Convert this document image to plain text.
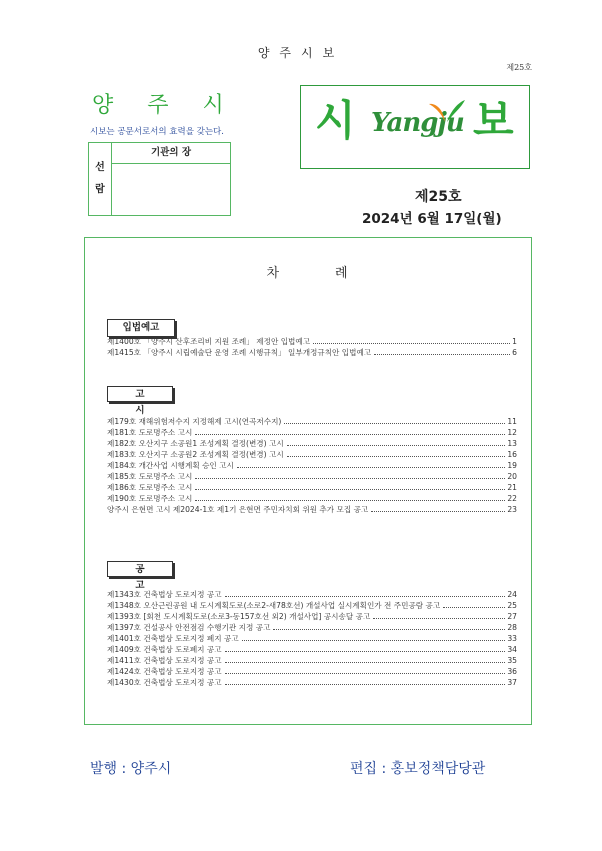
양주시보
제25호
양주시
시보는 공문서로서의 효력을 갖는다.
선
람
기관의 장
시 Yangju 보
제25호
2024년 6월 17일(월)
차례
입법예고
제1400호 「양주시 산후조리비 지원 조례」 제정안 입법예고	1
제1415호 「양주시 시립예술단 운영 조례 시행규칙」 일부개정규칙안 입법예고	6
고시
제179호 재해위험저수지 지정해제 고시(연곡저수지)	11
제181호 도로명주소 고시	12
제182호 오산지구 소공원1 조성계획 결정(변경) 고시	13
제183호 오산지구 소공원2 조성계획 결정(변경) 고시	16
제184호 개간사업 시행계획 승인 고시	19
제185호 도로명주소 고시	20
제186호 도로명주소 고시	21
제190호 도로명주소 고시	22
양주시 은현면 고시 제2024-1호 제1기 은현면 주민자치회 위원 추가 모집 공고	23
공고
제1343호 건축법상 도로지정 공고	24
제1348호 오산근린공원 내 도시계획도로(소로2-새78호선) 개설사업 실시계획인가 전 주민공람 공고	25
제1393호 [회천 도시계획도로(소로3-동157호선 외2) 개설사업] 공시송달 공고	27
제1397호 건설공사 안전점검 수행기관 지정 공고	28
제1401호 건축법상 도로지정 폐지 공고	33
제1409호 건축법상 도로폐지 공고	34
제1411호 건축법상 도로지정 공고	35
제1424호 건축법상 도로지정 공고	36
제1430호 건축법상 도로지정 공고	37
발행 : 양주시	편집 : 홍보정책담당관
